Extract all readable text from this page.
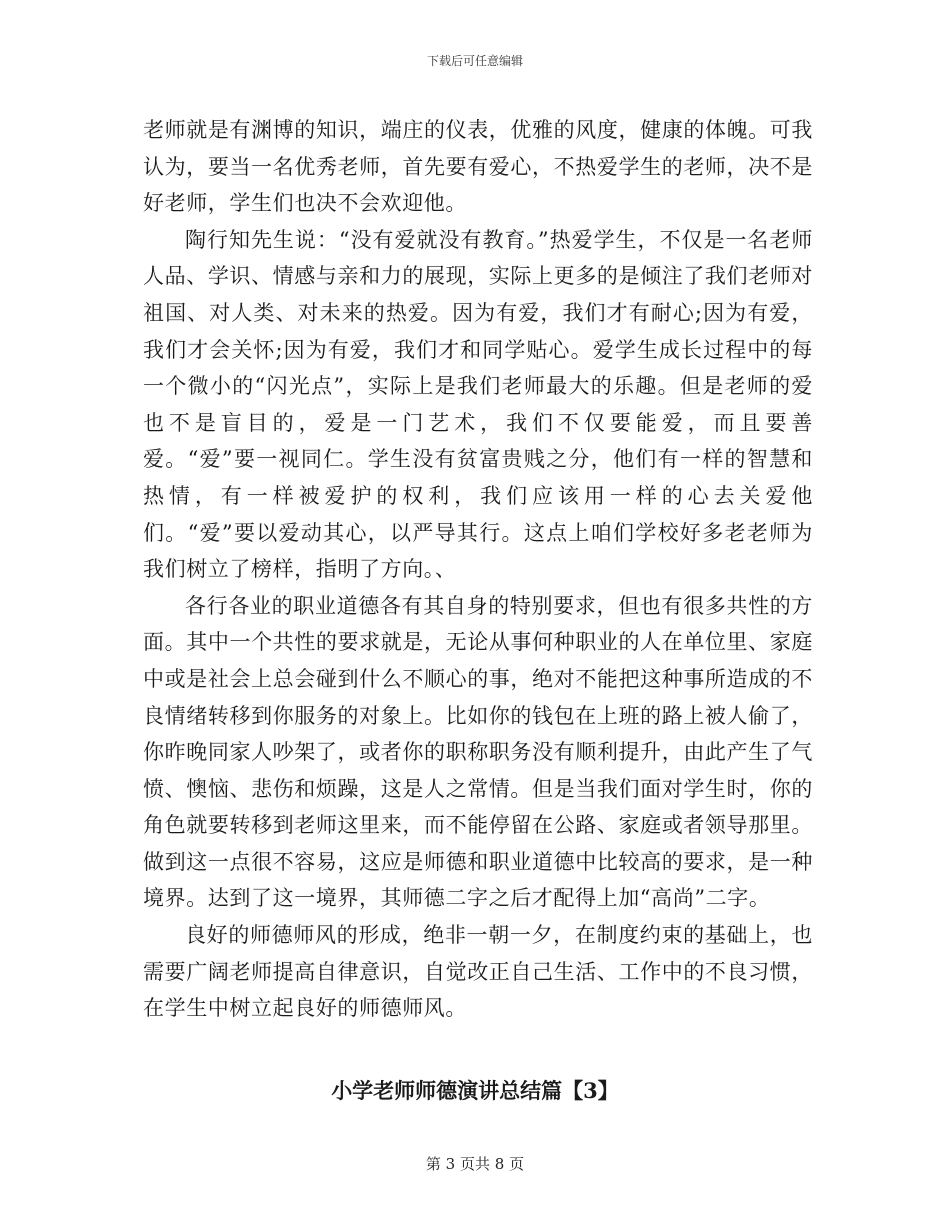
下载后可任意编辑

老师就是有渊博的知识，端庄的仪表，优雅的风度，健康的体魄。可我认为，要当一名优秀老师，首先要有爱心，不热爱学生的老师，决不是好老师，学生们也决不会欢迎他。

陶行知先生说：“没有爱就没有教育。”热爱学生，不仅是一名老师人品、学识、情感与亲和力的展现，实际上更多的是倾注了我们老师对祖国、对人类、对未来的热爱。因为有爱，我们才有耐心;因为有爱，我们才会关怀;因为有爱，我们才和同学贴心。爱学生成长过程中的每一个微小的“闪光点”，实际上是我们老师最大的乐趣。但是老师的爱也不是盲目的，爱是一门艺术，我们不仅要能爱，而且要善爱。“爱”要一视同仁。学生没有贫富贵贱之分，他们有一样的智慧和热情，有一样被爱护的权利，我们应该用一样的心去关爱他们。“爱”要以爱动其心，以严导其行。这点上咱们学校好多老老师为我们树立了榜样，指明了方向。、

各行各业的职业道德各有其自身的特别要求，但也有很多共性的方面。其中一个共性的要求就是，无论从事何种职业的人在单位里、家庭中或是社会上总会碰到什么不顺心的事，绝对不能把这种事所造成的不良情绪转移到你服务的对象上。比如你的钱包在上班的路上被人偷了，你昨晚同家人吵架了，或者你的职称职务没有顺利提升，由此产生了气愤、懊恼、悲伤和烦躁，这是人之常情。但是当我们面对学生时，你的角色就要转移到老师这里来，而不能停留在公路、家庭或者领导那里。做到这一点很不容易，这应是师德和职业道德中比较高的要求，是一种境界。达到了这一境界，其师德二字之后才配得上加“高尚”二字。

良好的师德师风的形成，绝非一朝一夕，在制度约束的基础上，也需要广阔老师提高自律意识，自觉改正自己生活、工作中的不良习惯，在学生中树立起良好的师德师风。

小学老师师德演讲总结篇【3】
第 3 页共 8 页
